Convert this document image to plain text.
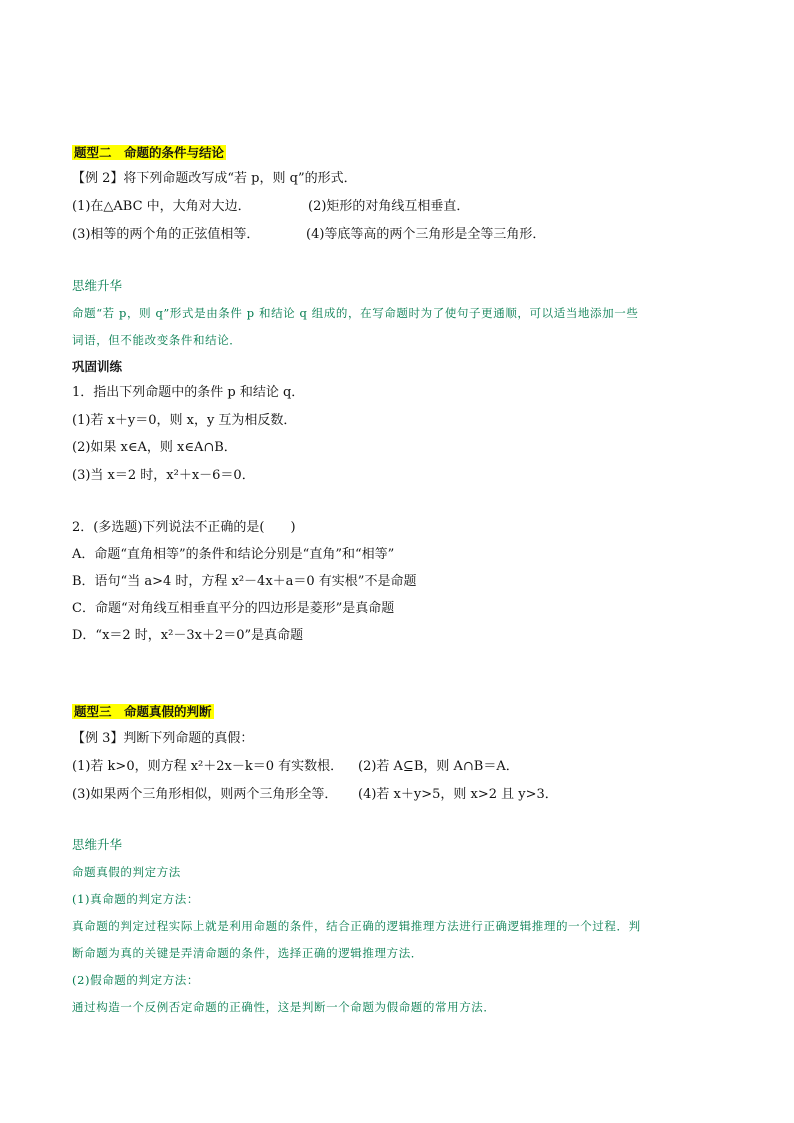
题型二　命题的条件与结论
【例 2】将下列命题改写成“若 p，则 q”的形式．
(1)在△ABC 中，大角对大边．	(2)矩形的对角线互相垂直．
(3)相等的两个角的正弦值相等．	(4)等底等高的两个三角形是全等三角形．
思维升华
命题“若 p，则 q”形式是由条件 p 和结论 q 组成的，在写命题时为了使句子更通顺，可以适当地添加一些
词语，但不能改变条件和结论．
巩固训练
1．指出下列命题中的条件 p 和结论 q．
(1)若 x＋y＝0，则 x，y 互为相反数．
(2)如果 x∈A，则 x∈A∩B．
(3)当 x＝2 时，x²＋x－6＝0．
2．(多选题)下列说法不正确的是(　　)
A．命题“直角相等”的条件和结论分别是“直角”和“相等”
B．语句“当 a>4 时，方程 x²－4x＋a＝0 有实根”不是命题
C．命题“对角线互相垂直平分的四边形是菱形”是真命题
D．“x＝2 时，x²－3x＋2＝0”是真命题
题型三　命题真假的判断
【例 3】判断下列命题的真假：
(1)若 k>0，则方程 x²＋2x－k＝0 有实数根． (2)若 A⊆B，则 A∩B＝A．
(3)如果两个三角形相似，则两个三角形全等． (4)若 x＋y>5，则 x>2 且 y>3．
思维升华
命题真假的判定方法
(1)真命题的判定方法：
真命题的判定过程实际上就是利用命题的条件，结合正确的逻辑推理方法进行正确逻辑推理的一个过程．判
断命题为真的关键是弄清命题的条件，选择正确的逻辑推理方法．
(2)假命题的判定方法：
通过构造一个反例否定命题的正确性，这是判断一个命题为假命题的常用方法．
